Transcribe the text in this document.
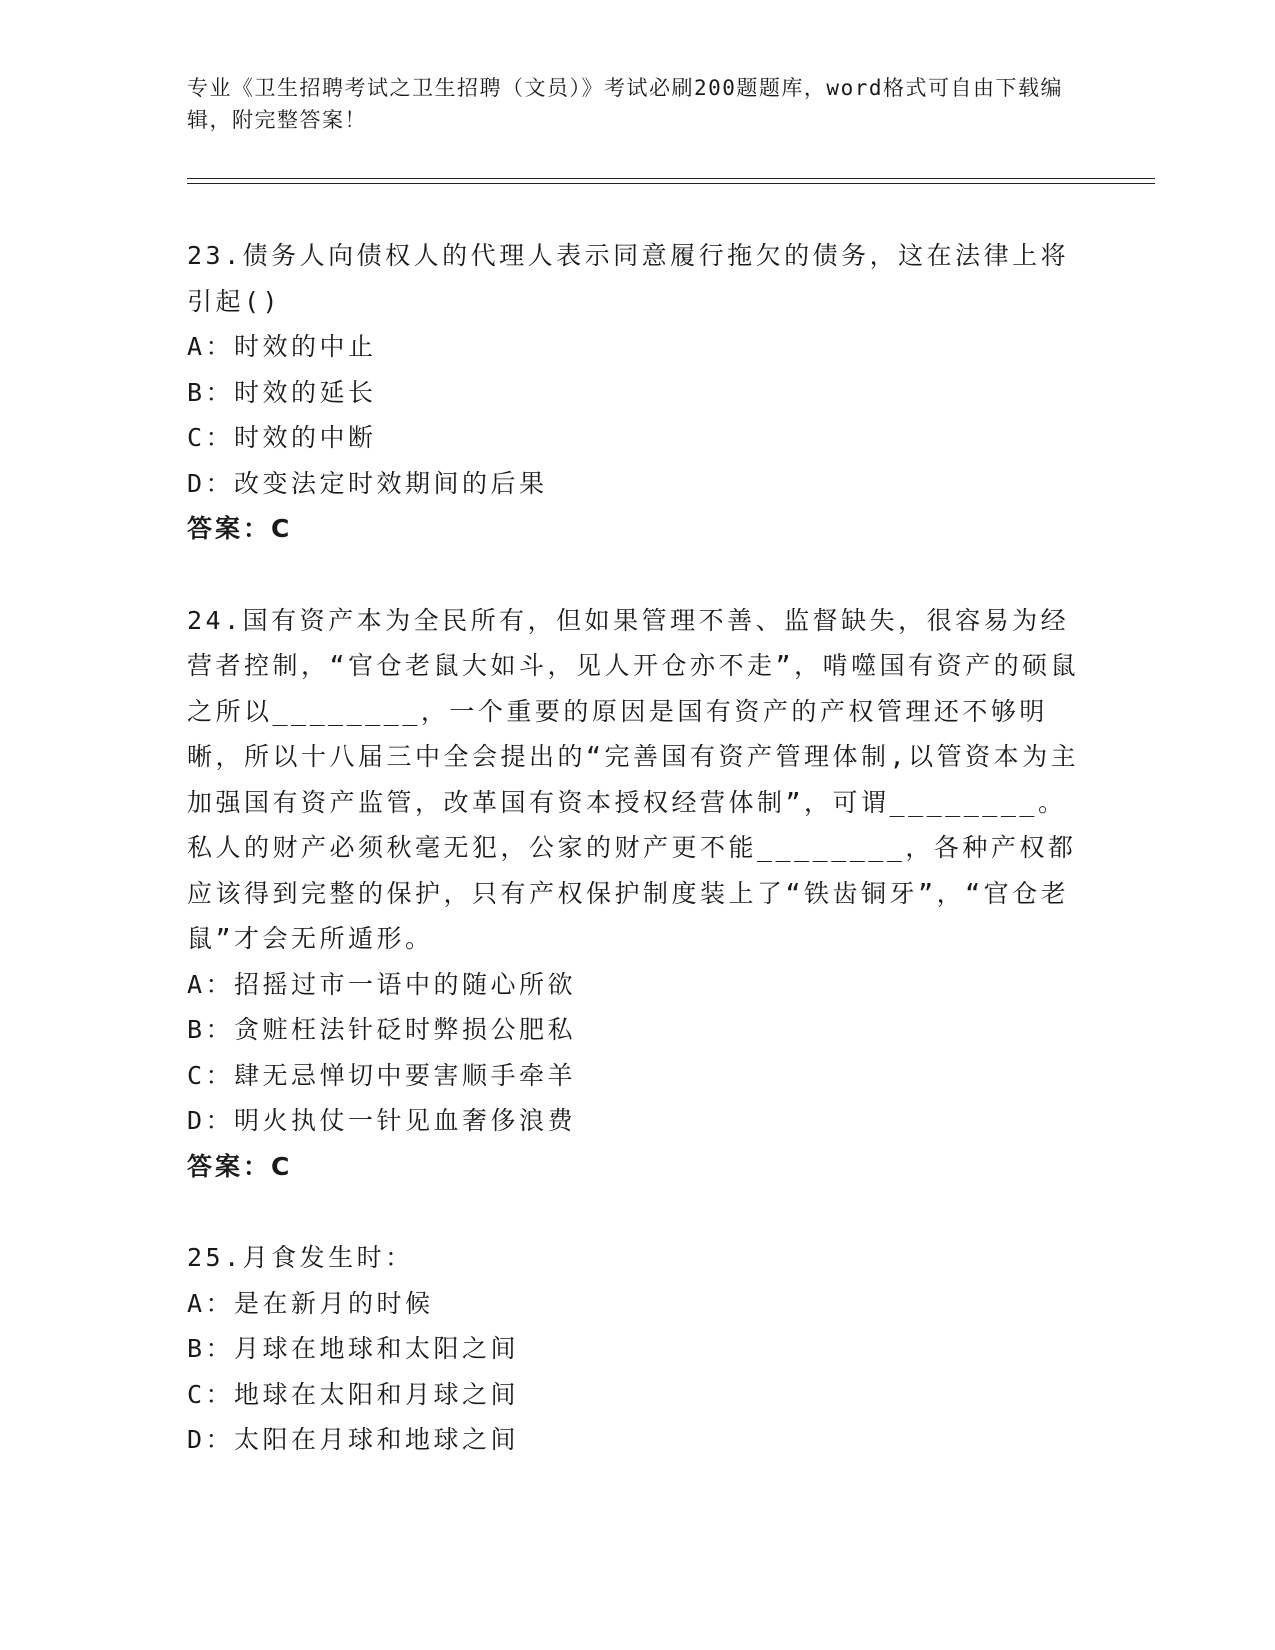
专业《卫生招聘考试之卫生招聘（文员）》考试必刷200题题库，word格式可自由下载编辑，附完整答案！
23.债务人向债权人的代理人表示同意履行拖欠的债务，这在法律上将引起()
A：时效的中止
B：时效的延长
C：时效的中断
D：改变法定时效期间的后果
答案：C
24.国有资产本为全民所有，但如果管理不善、监督缺失，很容易为经营者控制，“官仓老鼠大如斗，见人开仓亦不走”，啃噬国有资产的硕鼠之所以________，一个重要的原因是国有资产的产权管理还不够明晰，所以十八届三中全会提出的“完善国有资产管理体制,以管资本为主加强国有资产监管，改革国有资本授权经营体制”，可谓________。私人的财产必须秋毫无犯，公家的财产更不能________，各种产权都应该得到完整的保护，只有产权保护制度装上了“铁齿铜牙”，“官仓老鼠”才会无所遁形。
A：招摇过市一语中的随心所欲
B：贪赃枉法针砭时弊损公肥私
C：肆无忌惮切中要害顺手牵羊
D：明火执仗一针见血奢侈浪费
答案：C
25.月食发生时：
A：是在新月的时候
B：月球在地球和太阳之间
C：地球在太阳和月球之间
D：太阳在月球和地球之间
